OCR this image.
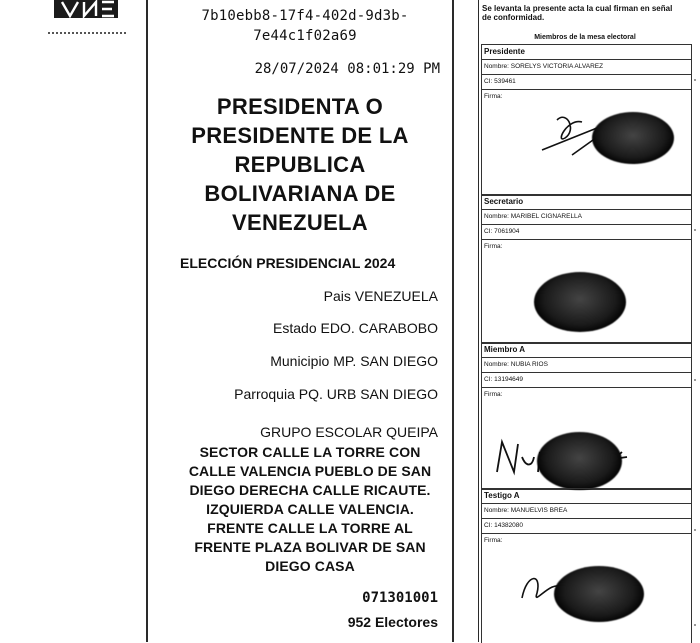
7b10ebb8-17f4-402d-9d3b-
7e44c1f02a69
28/07/2024 08:01:29 PM
PRESIDENTA O
PRESIDENTE DE LA
REPUBLICA
BOLIVARIANA DE
VENEZUELA
ELECCIÓN PRESIDENCIAL 2024
Pais VENEZUELA
Estado EDO. CARABOBO
Municipio MP. SAN DIEGO
Parroquia PQ. URB SAN DIEGO
GRUPO ESCOLAR QUEIPA
SECTOR CALLE LA TORRE CON
CALLE VALENCIA PUEBLO DE SAN
DIEGO DERECHA CALLE RICAUTE.
IZQUIERDA CALLE VALENCIA.
FRENTE CALLE LA TORRE AL
FRENTE PLAZA BOLIVAR DE SAN
DIEGO CASA
071301001
952 Electores
Se levanta la presente acta la cual firman en señal de conformidad.
Miembros de la mesa electoral
Presidente
Nombre: SORELYS VICTORIA ALVAREZ
CI: 539461
Firma:
Secretario
Nombre: MARIBEL CIGNARELLA
CI: 7061904
Firma:
Miembro A
Nombre: NUBIA RIOS
CI: 13194649
Firma:
Testigo A
Nombre: MANUELVIS BREA
CI: 14382080
Firma:
